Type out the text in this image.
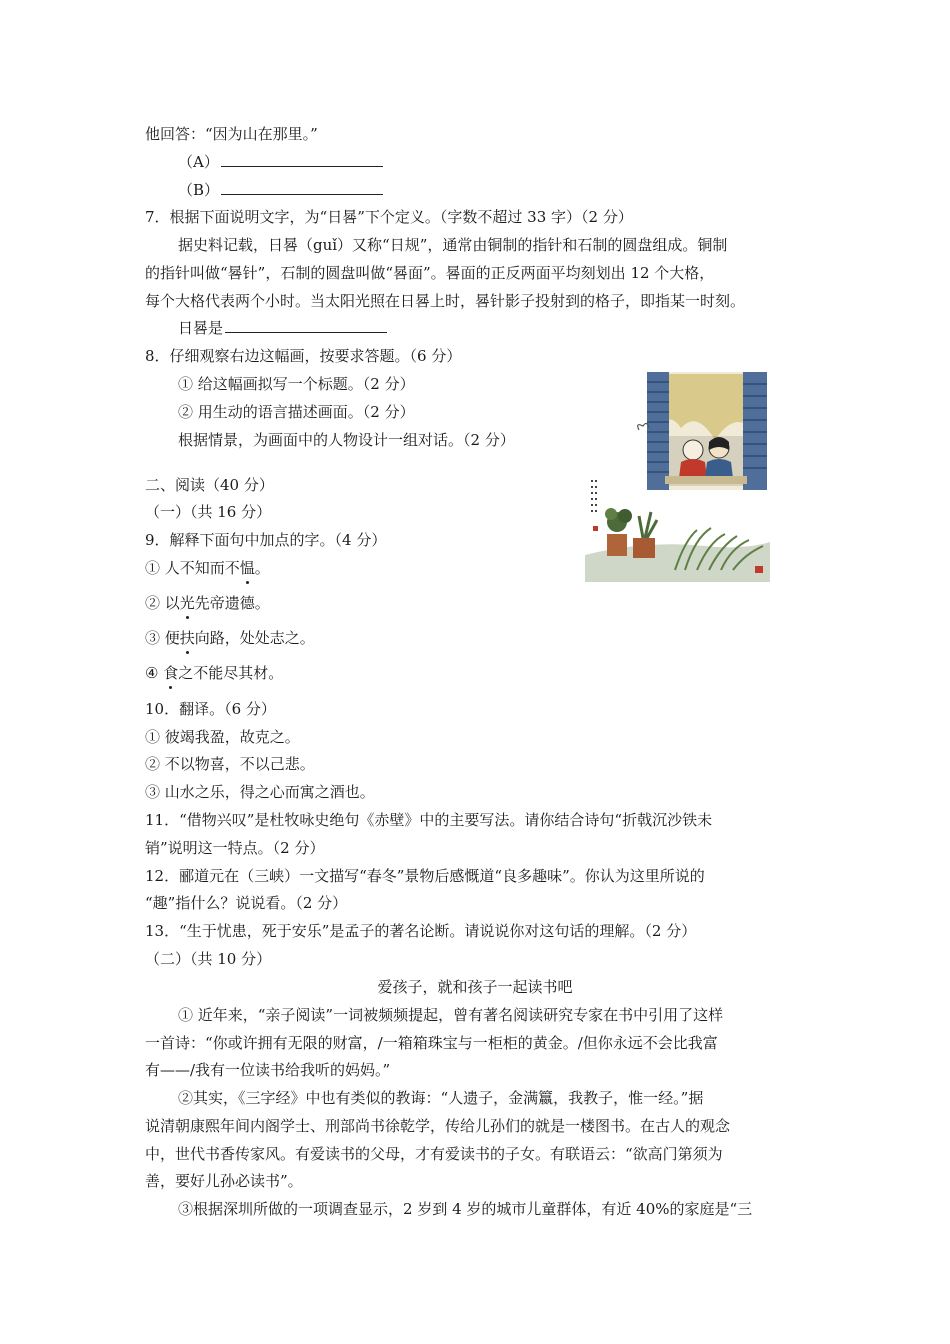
他回答：“因为山在那里。”
（A）
（B）
7．根据下面说明文字，为“日晷”下个定义。（字数不超过 33 字）（2 分）
据史料记载，日晷（guǐ）又称“日规”，通常由铜制的指针和石制的圆盘组成。铜制
的指针叫做“晷针”，石制的圆盘叫做“晷面”。晷面的正反两面平均刻划出 12 个大格，
每个大格代表两个小时。当太阳光照在日晷上时，晷针影子投射到的格子，即指某一时刻。
日晷是
8．仔细观察右边这幅画，按要求答题。（6 分）
① 给这幅画拟写一个标题。（2 分）
② 用生动的语言描述画面。（2 分）
根据情景，为画面中的人物设计一组对话。（2 分）
二、阅读（40 分）
（一）（共 16 分）
9．解释下面句中加点的字。（4 分）
① 人不知而不愠。
② 以光先帝遗德。
③ 便扶向路，处处志之。
④ 食之不能尽其材。
10．翻译。（6 分）
① 彼竭我盈，故克之。
② 不以物喜，不以己悲。
③ 山水之乐，得之心而寓之酒也。
11．“借物兴叹”是杜牧咏史绝句《赤壁》中的主要写法。请你结合诗句“折戟沉沙铁未
销”说明这一特点。（2 分）
12．郦道元在（三峡）一文描写“春冬”景物后感慨道“良多趣味”。你认为这里所说的
“趣”指什么？说说看。（2 分）
13．“生于忧患，死于安乐”是孟子的著名论断。请说说你对这句话的理解。（2 分）
（二）（共 10 分）
爱孩子，就和孩子一起读书吧
① 近年来，“亲子阅读”一词被频频提起，曾有著名阅读研究专家在书中引用了这样
一首诗：“你或许拥有无限的财富，/一箱箱珠宝与一柜柜的黄金。/但你永远不会比我富
有——/我有一位读书给我听的妈妈。”
②其实，《三字经》中也有类似的教诲：“人遗子，金满籝，我教子，惟一经。”据
说清朝康熙年间内阁学士、刑部尚书徐乾学，传给儿孙们的就是一楼图书。在古人的观念
中，世代书香传家风。有爱读书的父母，才有爱读书的子女。有联语云：“欲高门第须为
善，要好儿孙必读书”。
③根据深圳所做的一项调查显示，2 岁到 4 岁的城市儿童群体，有近 40%的家庭是“三
